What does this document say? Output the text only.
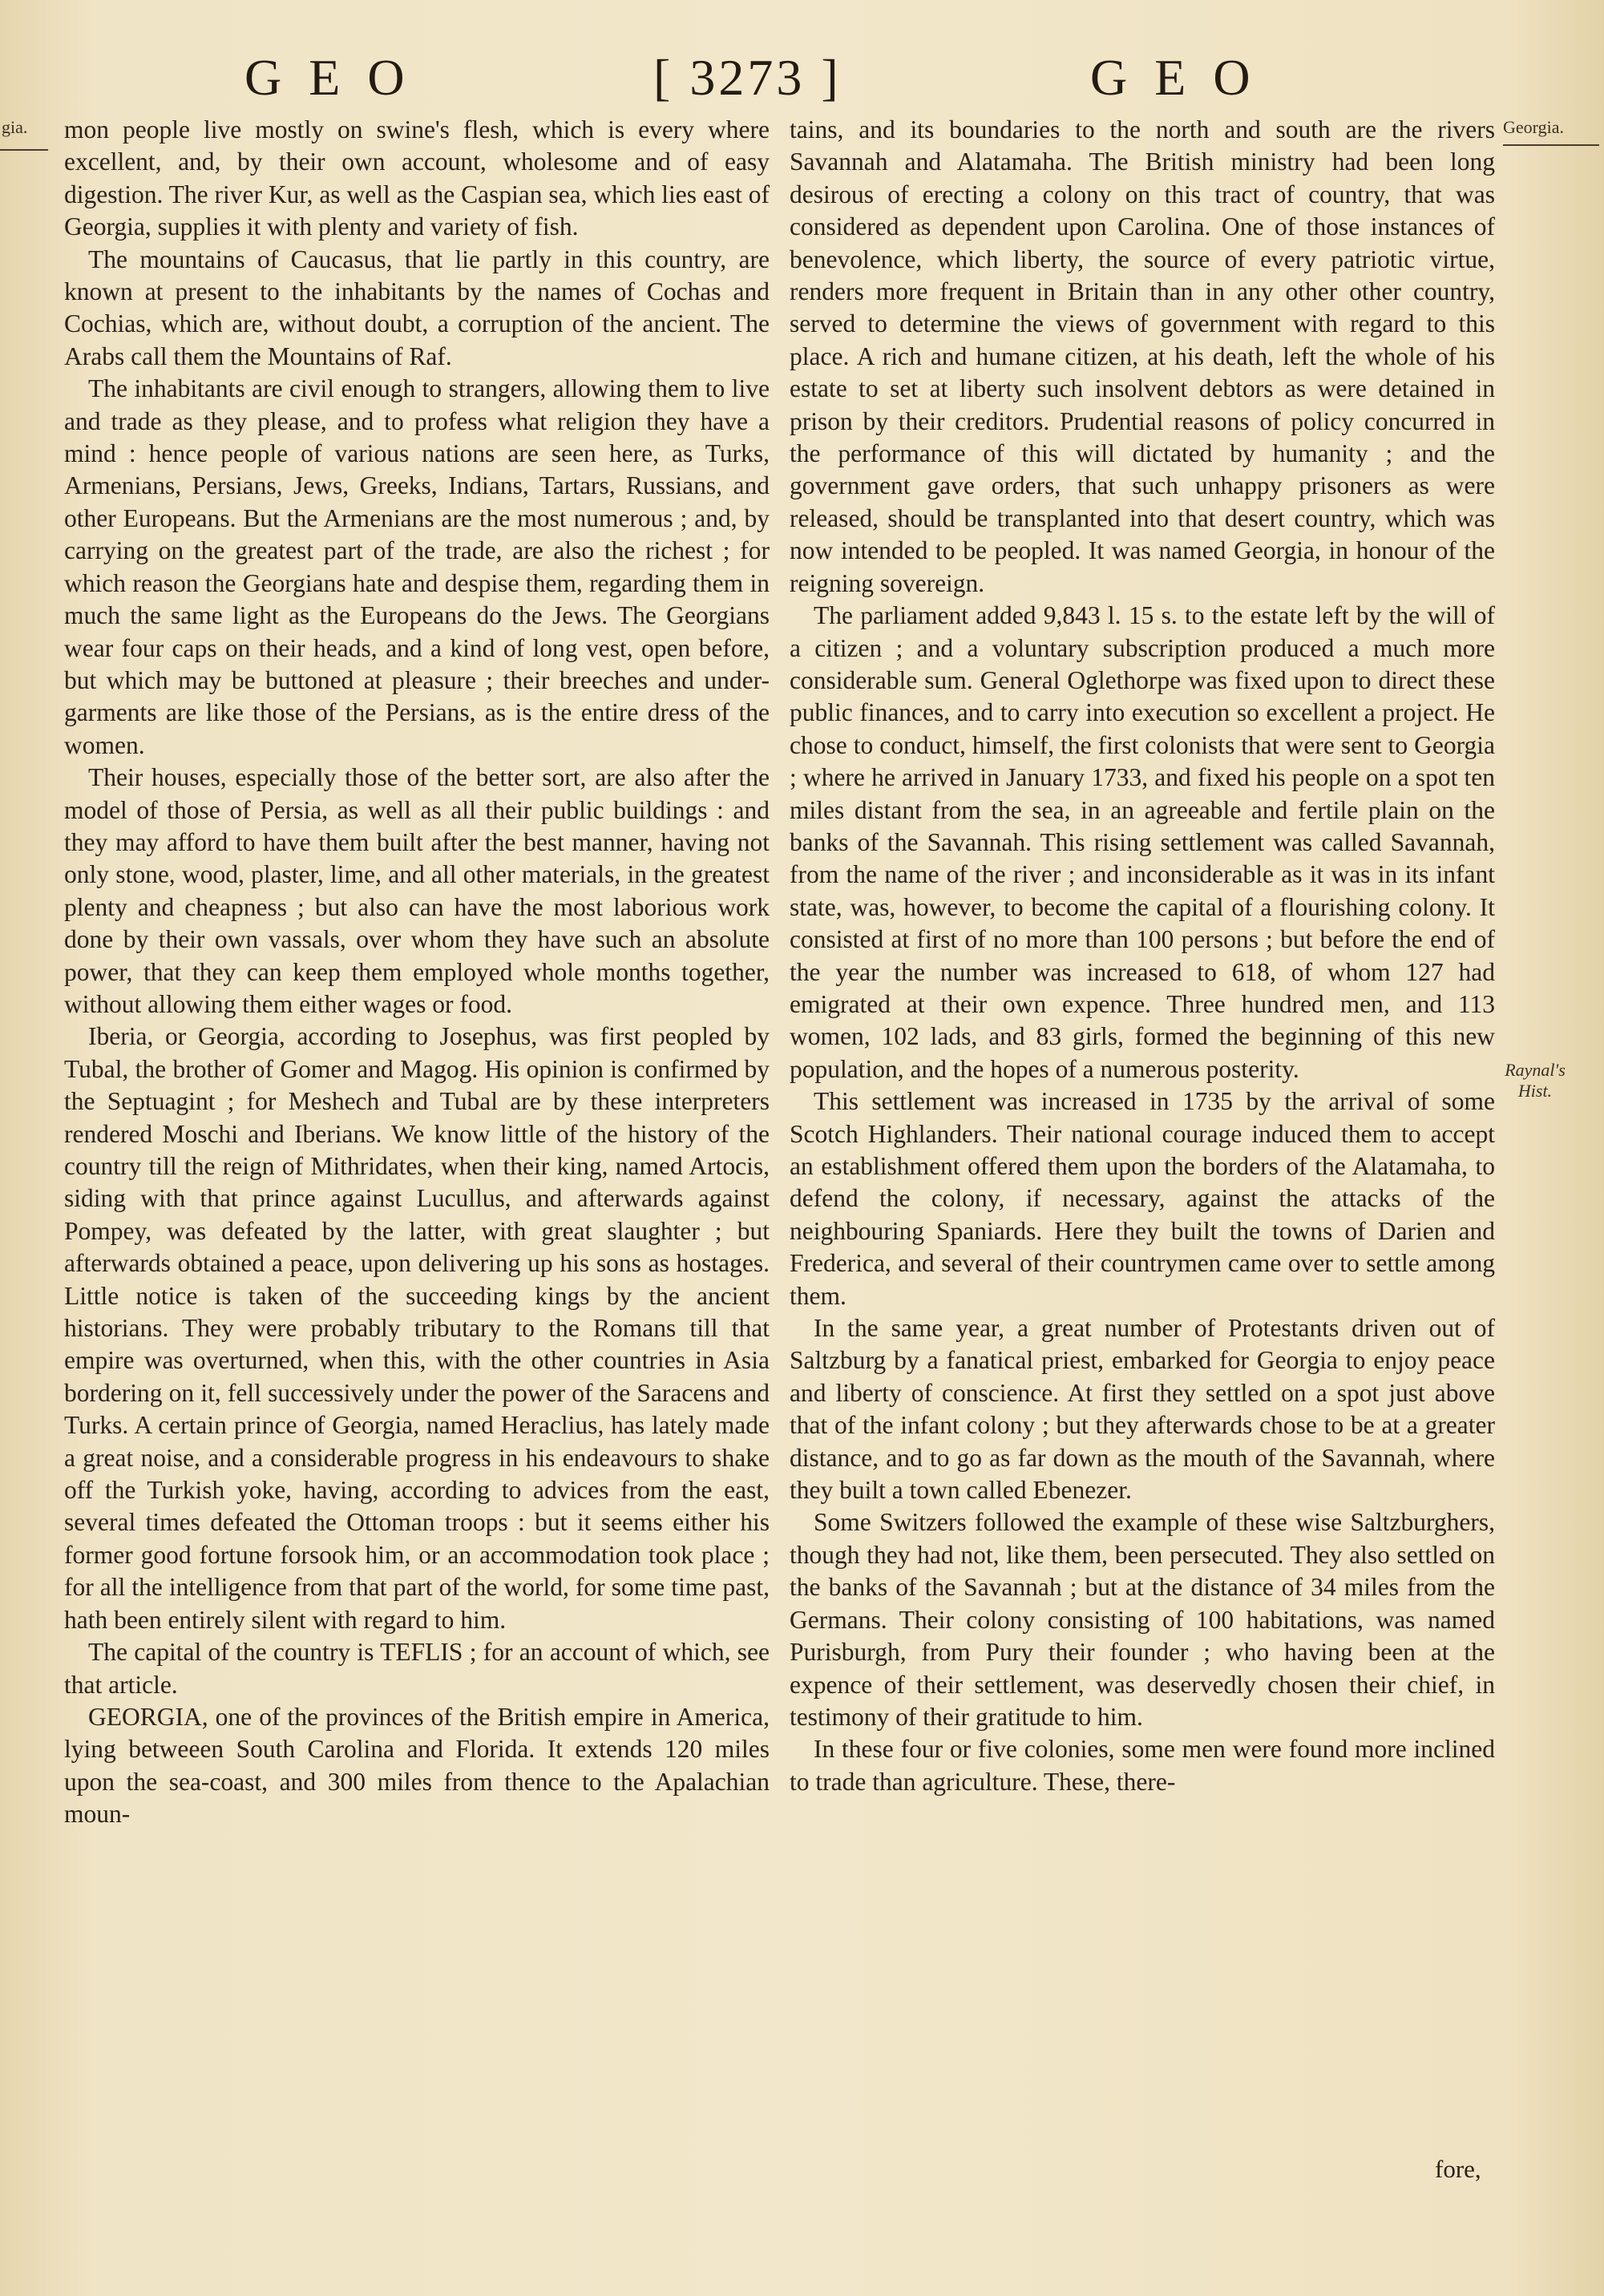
GEO	[ 3273 ]	GEO
gia.	Georgia.
Raynal's Hist.

mon people live mostly on swine's flesh, which is every where excellent, and, by their own account, wholesome and of easy digestion. The river Kur, as well as the Caspian sea, which lies east of Georgia, supplies it with plenty and variety of fish.

The mountains of Caucasus, that lie partly in this country, are known at present to the inhabitants by the names of Cochas and Cochias, which are, without doubt, a corruption of the ancient. The Arabs call them the Mountains of Raf.

The inhabitants are civil enough to strangers, allowing them to live and trade as they please, and to profess what religion they have a mind : hence people of various nations are seen here, as Turks, Armenians, Persians, Jews, Greeks, Indians, Tartars, Russians, and other Europeans. But the Armenians are the most numerous ; and, by carrying on the greatest part of the trade, are also the richest ; for which reason the Georgians hate and despise them, regarding them in much the same light as the Europeans do the Jews. The Georgians wear four caps on their heads, and a kind of long vest, open before, but which may be buttoned at pleasure ; their breeches and under-garments are like those of the Persians, as is the entire dress of the women.

Their houses, especially those of the better sort, are also after the model of those of Persia, as well as all their public buildings : and they may afford to have them built after the best manner, having not only stone, wood, plaster, lime, and all other materials, in the greatest plenty and cheapness ; but also can have the most laborious work done by their own vassals, over whom they have such an absolute power, that they can keep them employed whole months together, without allowing them either wages or food.

Iberia, or Georgia, according to Josephus, was first peopled by Tubal, the brother of Gomer and Magog. His opinion is confirmed by the Septuagint ; for Meshech and Tubal are by these interpreters rendered Moschi and Iberians. We know little of the history of the country till the reign of Mithridates, when their king, named Artocis, siding with that prince against Lucullus, and afterwards against Pompey, was defeated by the latter, with great slaughter ; but afterwards obtained a peace, upon delivering up his sons as hostages. Little notice is taken of the succeeding kings by the ancient historians. They were probably tributary to the Romans till that empire was overturned, when this, with the other countries in Asia bordering on it, fell successively under the power of the Saracens and Turks. A certain prince of Georgia, named Heraclius, has lately made a great noise, and a considerable progress in his endeavours to shake off the Turkish yoke, having, according to advices from the east, several times defeated the Ottoman troops : but it seems either his former good fortune forsook him, or an accommodation took place ; for all the intelligence from that part of the world, for some time past, hath been entirely silent with regard to him.

The capital of the country is TEFLIS ; for an account of which, see that article.

GEORGIA, one of the provinces of the British empire in America, lying betweeen South Carolina and Florida. It extends 120 miles upon the sea-coast, and 300 miles from thence to the Apalachian moun-

tains, and its boundaries to the north and south are the rivers Savannah and Alatamaha. The British ministry had been long desirous of erecting a colony on this tract of country, that was considered as dependent upon Carolina. One of those instances of benevolence, which liberty, the source of every patriotic virtue, renders more frequent in Britain than in any other other country, served to determine the views of government with regard to this place. A rich and humane citizen, at his death, left the whole of his estate to set at liberty such insolvent debtors as were detained in prison by their creditors. Prudential reasons of policy concurred in the performance of this will dictated by humanity ; and the government gave orders, that such unhappy prisoners as were released, should be transplanted into that desert country, which was now intended to be peopled. It was named Georgia, in honour of the reigning sovereign.

The parliament added 9,843 l. 15 s. to the estate left by the will of a citizen ; and a voluntary subscription produced a much more considerable sum. General Oglethorpe was fixed upon to direct these public finances, and to carry into execution so excellent a project. He chose to conduct, himself, the first colonists that were sent to Georgia ; where he arrived in January 1733, and fixed his people on a spot ten miles distant from the sea, in an agreeable and fertile plain on the banks of the Savannah. This rising settlement was called Savannah, from the name of the river ; and inconsiderable as it was in its infant state, was, however, to become the capital of a flourishing colony. It consisted at first of no more than 100 persons ; but before the end of the year the number was increased to 618, of whom 127 had emigrated at their own expence. Three hundred men, and 113 women, 102 lads, and 83 girls, formed the beginning of this new population, and the hopes of a numerous posterity.

This settlement was increased in 1735 by the arrival of some Scotch Highlanders. Their national courage induced them to accept an establishment offered them upon the borders of the Alatamaha, to defend the colony, if necessary, against the attacks of the neighbouring Spaniards. Here they built the towns of Darien and Frederica, and several of their countrymen came over to settle among them.

In the same year, a great number of Protestants driven out of Saltzburg by a fanatical priest, embarked for Georgia to enjoy peace and liberty of conscience. At first they settled on a spot just above that of the infant colony ; but they afterwards chose to be at a greater distance, and to go as far down as the mouth of the Savannah, where they built a town called Ebenezer.

Some Switzers followed the example of these wise Saltzburghers, though they had not, like them, been persecuted. They also settled on the banks of the Savannah ; but at the distance of 34 miles from the Germans. Their colony consisting of 100 habitations, was named Purisburgh, from Pury their founder ; who having been at the expence of their settlement, was deservedly chosen their chief, in testimony of their gratitude to him.

In these four or five colonies, some men were found more inclined to trade than agriculture. These, there-

fore,
